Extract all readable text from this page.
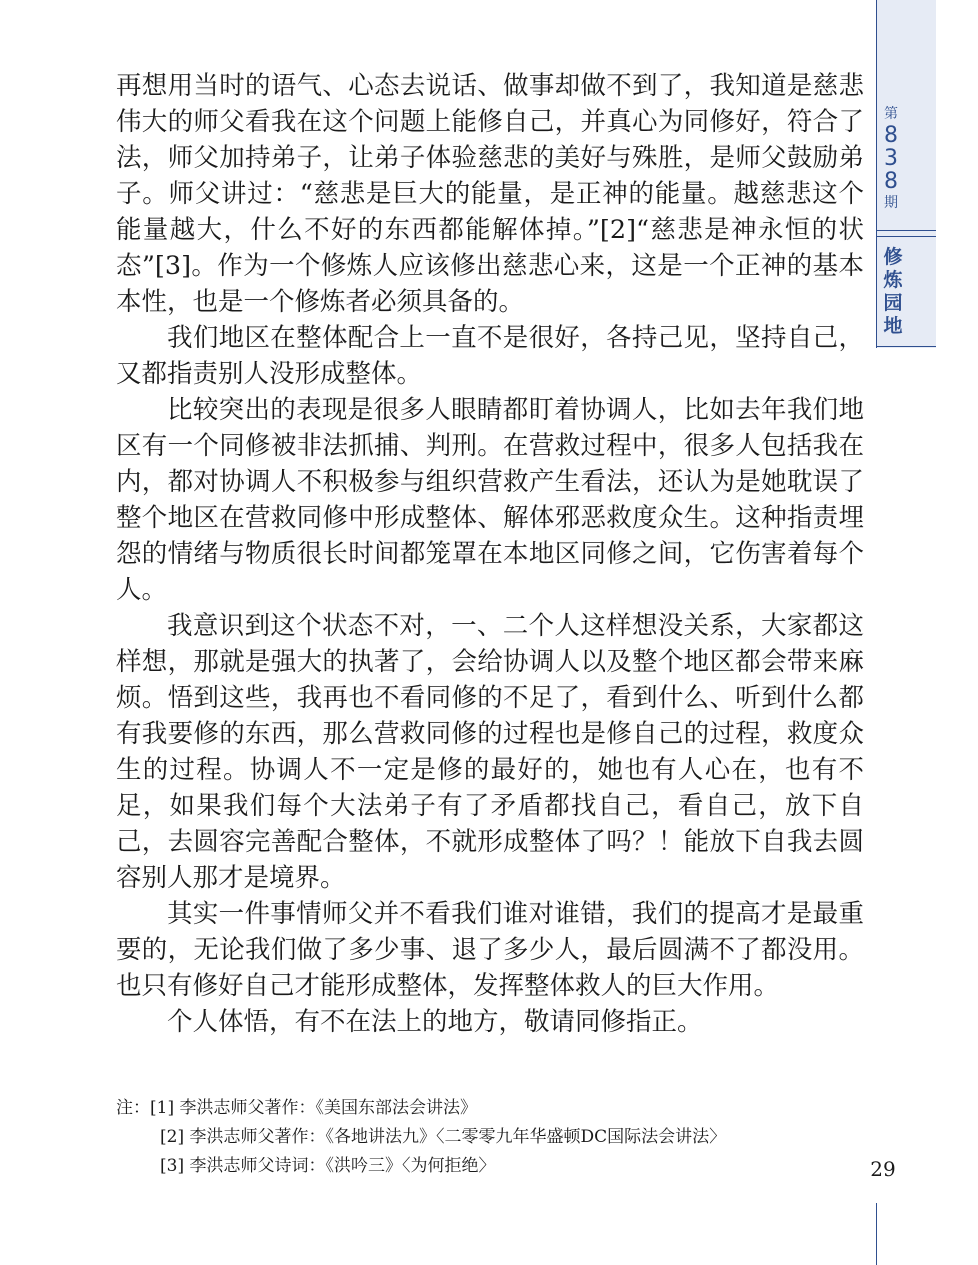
第
8
3
8
期
修
炼
园
地

再想用当时的语气、心态去说话、做事却做不到了，我知道是慈悲伟大的师父看我在这个问题上能修自己，并真心为同修好，符合了法，师父加持弟子，让弟子体验慈悲的美好与殊胜，是师父鼓励弟子。师父讲过：“慈悲是巨大的能量，是正神的能量。越慈悲这个能量越大，什么不好的东西都能解体掉。”[2]“慈悲是神永恒的状态”[3]。作为一个修炼人应该修出慈悲心来，这是一个正神的基本本性，也是一个修炼者必须具备的。

我们地区在整体配合上一直不是很好，各持己见，坚持自己，又都指责别人没形成整体。

比较突出的表现是很多人眼睛都盯着协调人，比如去年我们地区有一个同修被非法抓捕、判刑。在营救过程中，很多人包括我在内，都对协调人不积极参与组织营救产生看法，还认为是她耽误了整个地区在营救同修中形成整体、解体邪恶救度众生。这种指责埋怨的情绪与物质很长时间都笼罩在本地区同修之间，它伤害着每个人。

我意识到这个状态不对，一、二个人这样想没关系，大家都这样想，那就是强大的执著了，会给协调人以及整个地区都会带来麻烦。悟到这些，我再也不看同修的不足了，看到什么、听到什么都有我要修的东西，那么营救同修的过程也是修自己的过程，救度众生的过程。协调人不一定是修的最好的，她也有人心在，也有不足，如果我们每个大法弟子有了矛盾都找自己，看自己，放下自己，去圆容完善配合整体，不就形成整体了吗？！能放下自我去圆容别人那才是境界。

其实一件事情师父并不看我们谁对谁错，我们的提高才是最重要的，无论我们做了多少事、退了多少人，最后圆满不了都没用。也只有修好自己才能形成整体，发挥整体救人的巨大作用。

个人体悟，有不在法上的地方，敬请同修指正。

注：[1] 李洪志师父著作：《美国东部法会讲法》
[2] 李洪志师父著作：《各地讲法九》〈二零零九年华盛顿DC国际法会讲法〉
[3] 李洪志师父诗词：《洪吟三》〈为何拒绝〉	29
